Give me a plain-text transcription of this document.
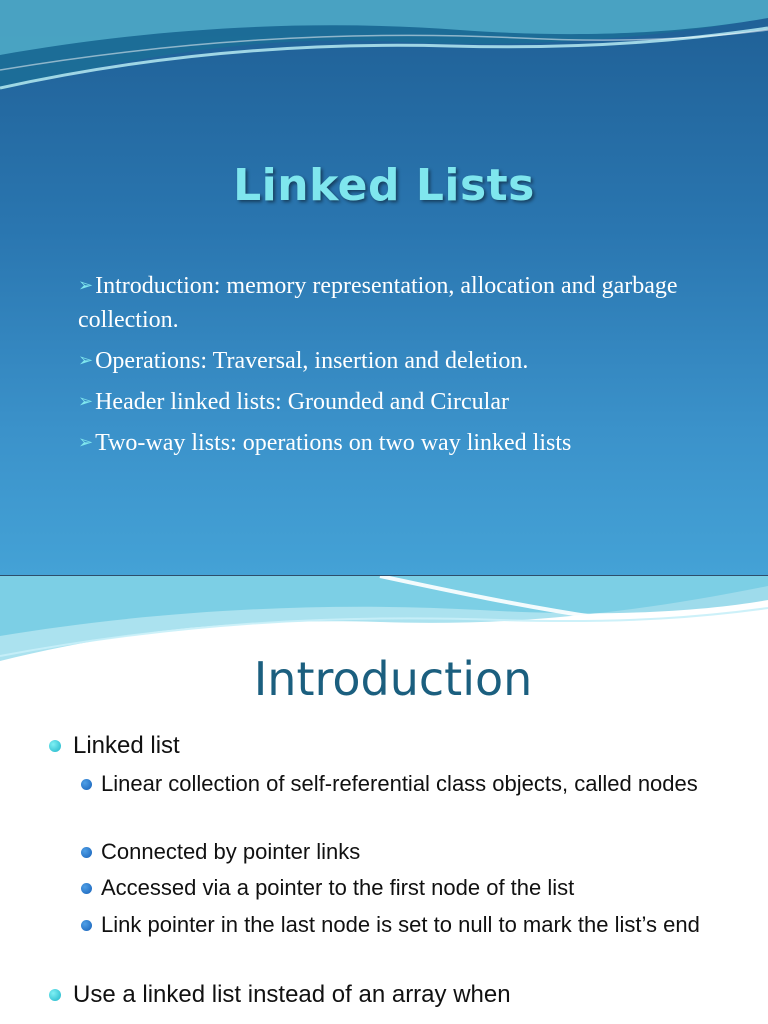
Linked Lists
➢Introduction: memory representation, allocation and garbage collection.
➢Operations: Traversal, insertion and deletion.
➢Header linked lists: Grounded and Circular
➢Two-way lists: operations on two way linked lists
Introduction
Linked list
Linear collection of self-referential class objects, called nodes
Connected by pointer links
Accessed via a pointer to the first node of the list
Link pointer in the last node is set to null to mark the list’s end
Use a linked list instead of an array when
